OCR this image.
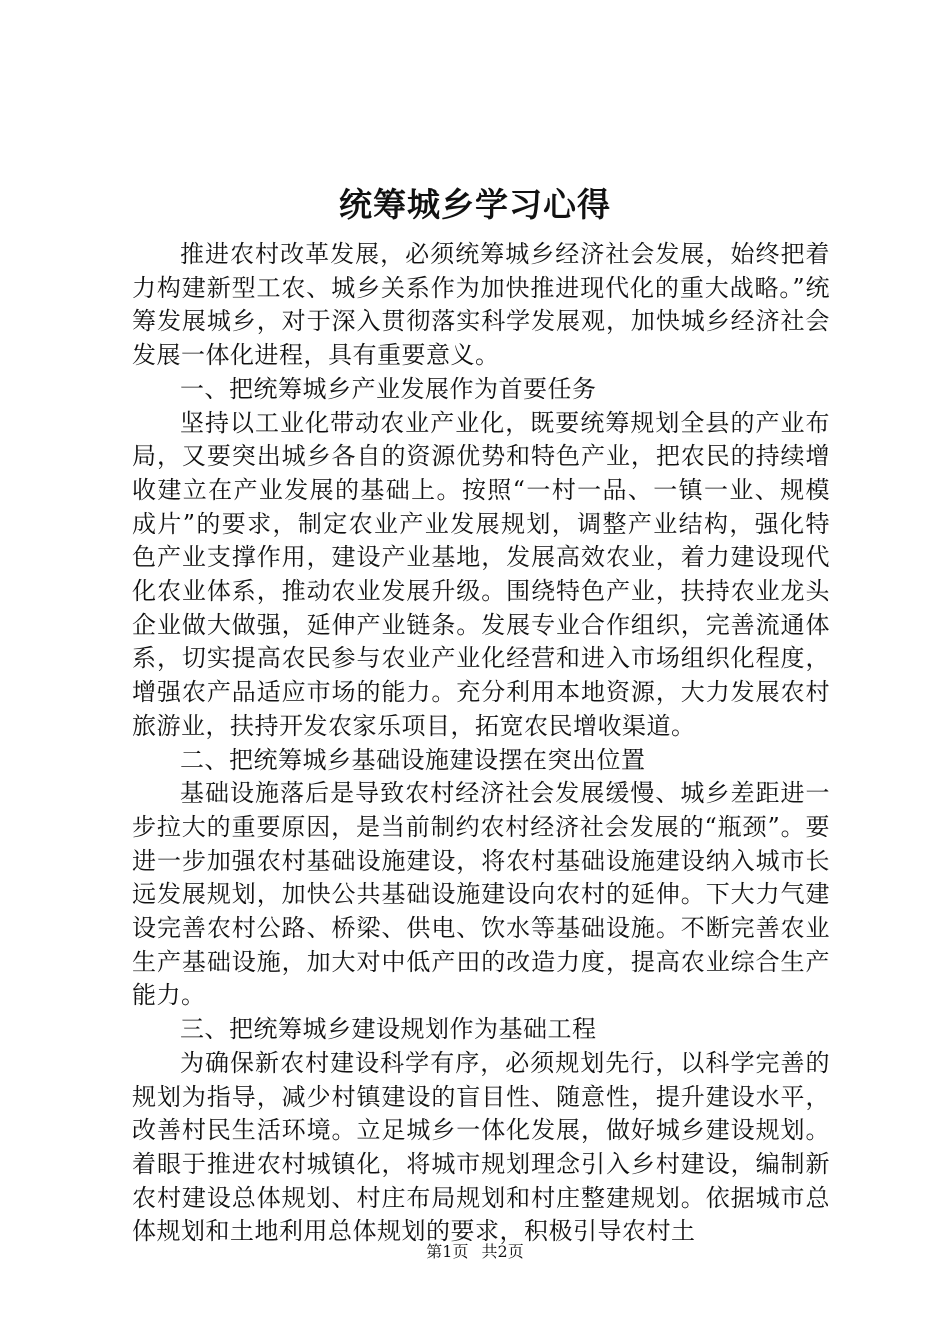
统筹城乡学习心得

推进农村改革发展，必须统筹城乡经济社会发展，始终把着力构建新型工农、城乡关系作为加快推进现代化的重大战略。”统筹发展城乡，对于深入贯彻落实科学发展观，加快城乡经济社会发展一体化进程，具有重要意义。

一、把统筹城乡产业发展作为首要任务

坚持以工业化带动农业产业化，既要统筹规划全县的产业布局，又要突出城乡各自的资源优势和特色产业，把农民的持续增收建立在产业发展的基础上。按照“一村一品、一镇一业、规模成片”的要求，制定农业产业发展规划，调整产业结构，强化特色产业支撑作用，建设产业基地，发展高效农业，着力建设现代化农业体系，推动农业发展升级。围绕特色产业，扶持农业龙头企业做大做强，延伸产业链条。发展专业合作组织，完善流通体系，切实提高农民参与农业产业化经营和进入市场组织化程度，增强农产品适应市场的能力。充分利用本地资源，大力发展农村旅游业，扶持开发农家乐项目，拓宽农民增收渠道。

二、把统筹城乡基础设施建设摆在突出位置

基础设施落后是导致农村经济社会发展缓慢、城乡差距进一步拉大的重要原因，是当前制约农村经济社会发展的“瓶颈”。要进一步加强农村基础设施建设，将农村基础设施建设纳入城市长远发展规划，加快公共基础设施建设向农村的延伸。下大力气建设完善农村公路、桥梁、供电、饮水等基础设施。不断完善农业生产基础设施，加大对中低产田的改造力度，提高农业综合生产能力。

三、把统筹城乡建设规划作为基础工程

为确保新农村建设科学有序，必须规划先行，以科学完善的规划为指导，减少村镇建设的盲目性、随意性，提升建设水平，改善村民生活环境。立足城乡一体化发展，做好城乡建设规划。着眼于推进农村城镇化，将城市规划理念引入乡村建设，编制新农村建设总体规划、村庄布局规划和村庄整建规划。依据城市总体规划和土地利用总体规划的要求，积极引导农村土

第1页 共2页
